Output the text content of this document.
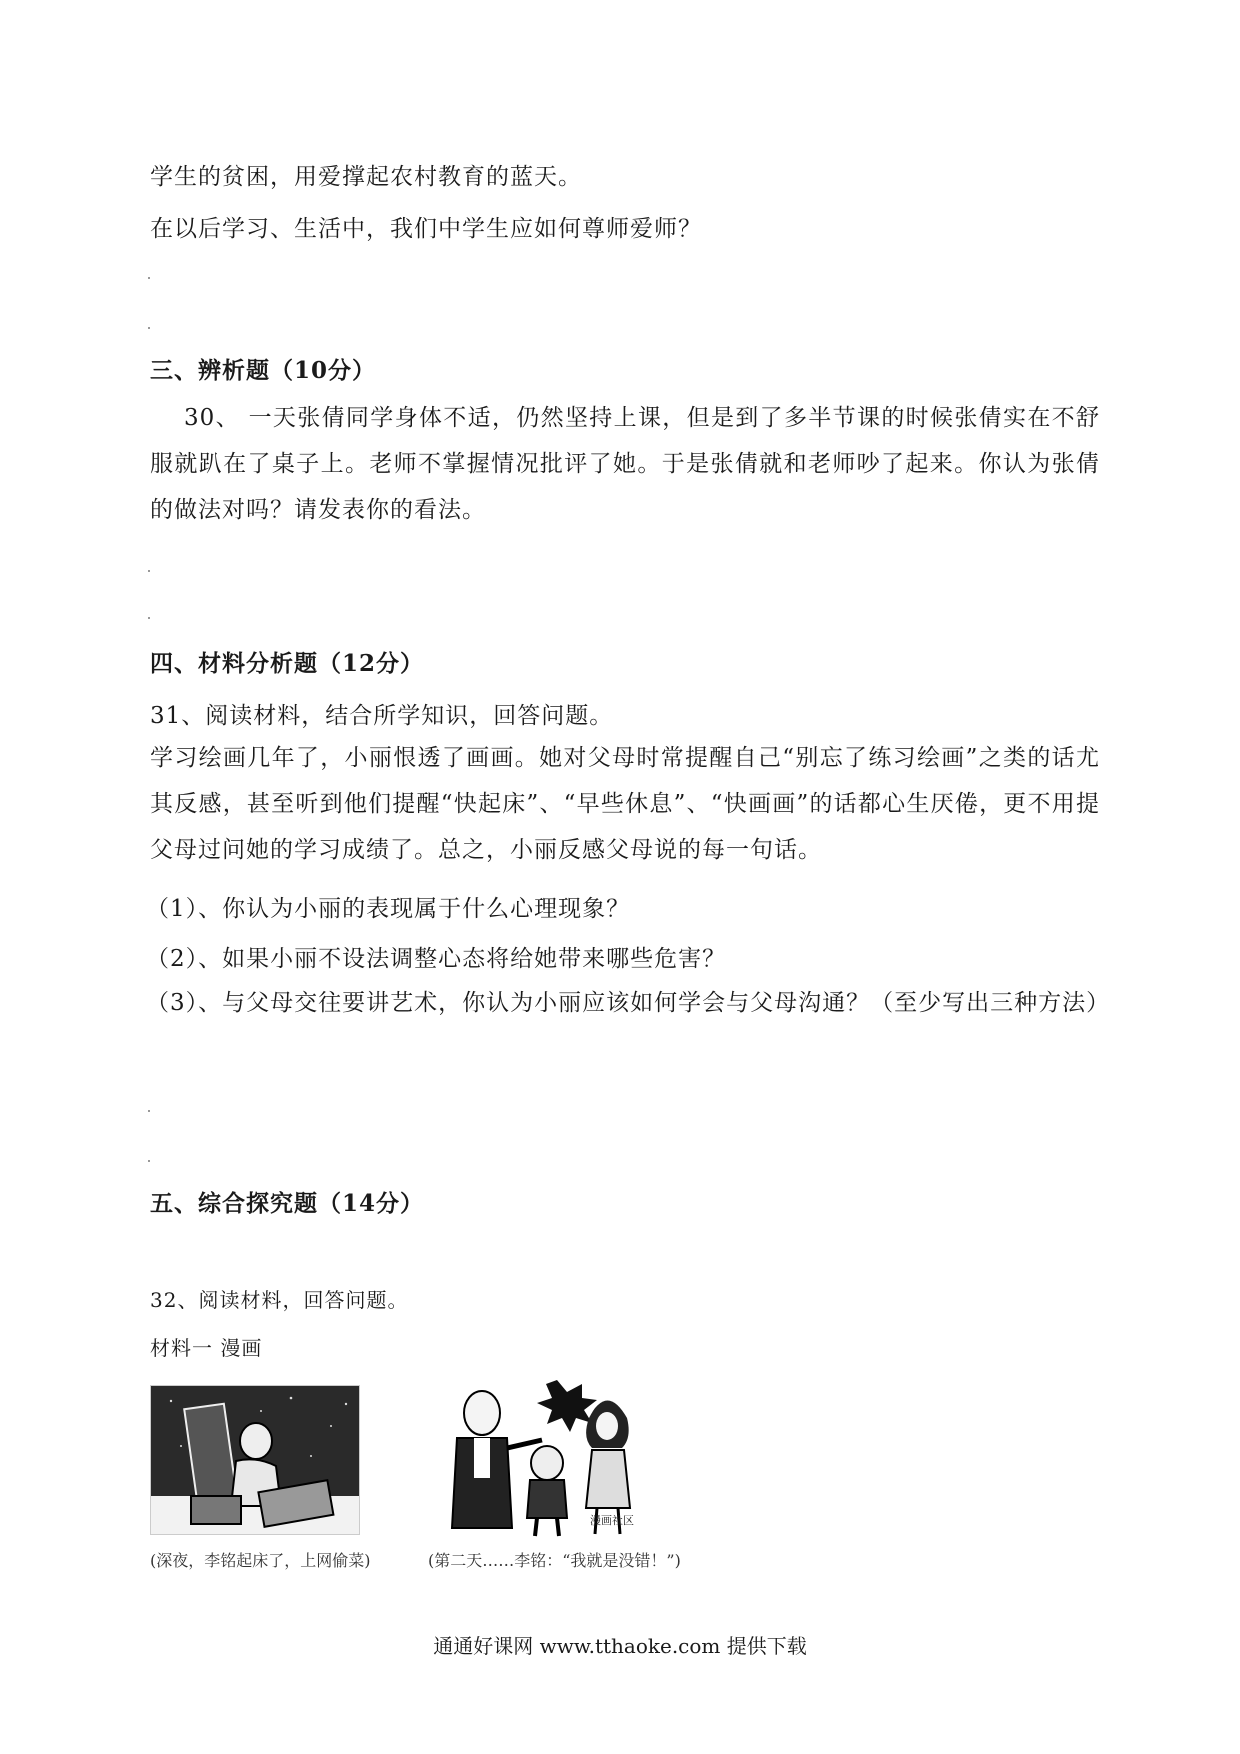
学生的贫困，用爱撑起农村教育的蓝天。
在以后学习、生活中，我们中学生应如何尊师爱师？
三、辨析题（10分）
30、 一天张倩同学身体不适，仍然坚持上课，但是到了多半节课的时候张倩实在不舒服就趴在了桌子上。老师不掌握情况批评了她。于是张倩就和老师吵了起来。你认为张倩的做法对吗？请发表你的看法。
四、材料分析题（12分）
31、阅读材料，结合所学知识，回答问题。
学习绘画几年了，小丽恨透了画画。她对父母时常提醒自己“别忘了练习绘画”之类的话尤其反感，甚至听到他们提醒“快起床”、“早些休息”、“快画画”的话都心生厌倦，更不用提父母过问她的学习成绩了。总之，小丽反感父母说的每一句话。
（1）、你认为小丽的表现属于什么心理现象？
（2）、如果小丽不设法调整心态将给她带来哪些危害？
（3）、与父母交往要讲艺术，你认为小丽应该如何学会与父母沟通？（至少写出三种方法）
五、综合探究题（14分）
32、阅读材料，回答问题。
材料一 漫画
(深夜，李铭起床了，上网偷菜)
漫画社区
(第二天……李铭：“我就是没错！”)
通通好课网 www.tthaoke.com 提供下载
